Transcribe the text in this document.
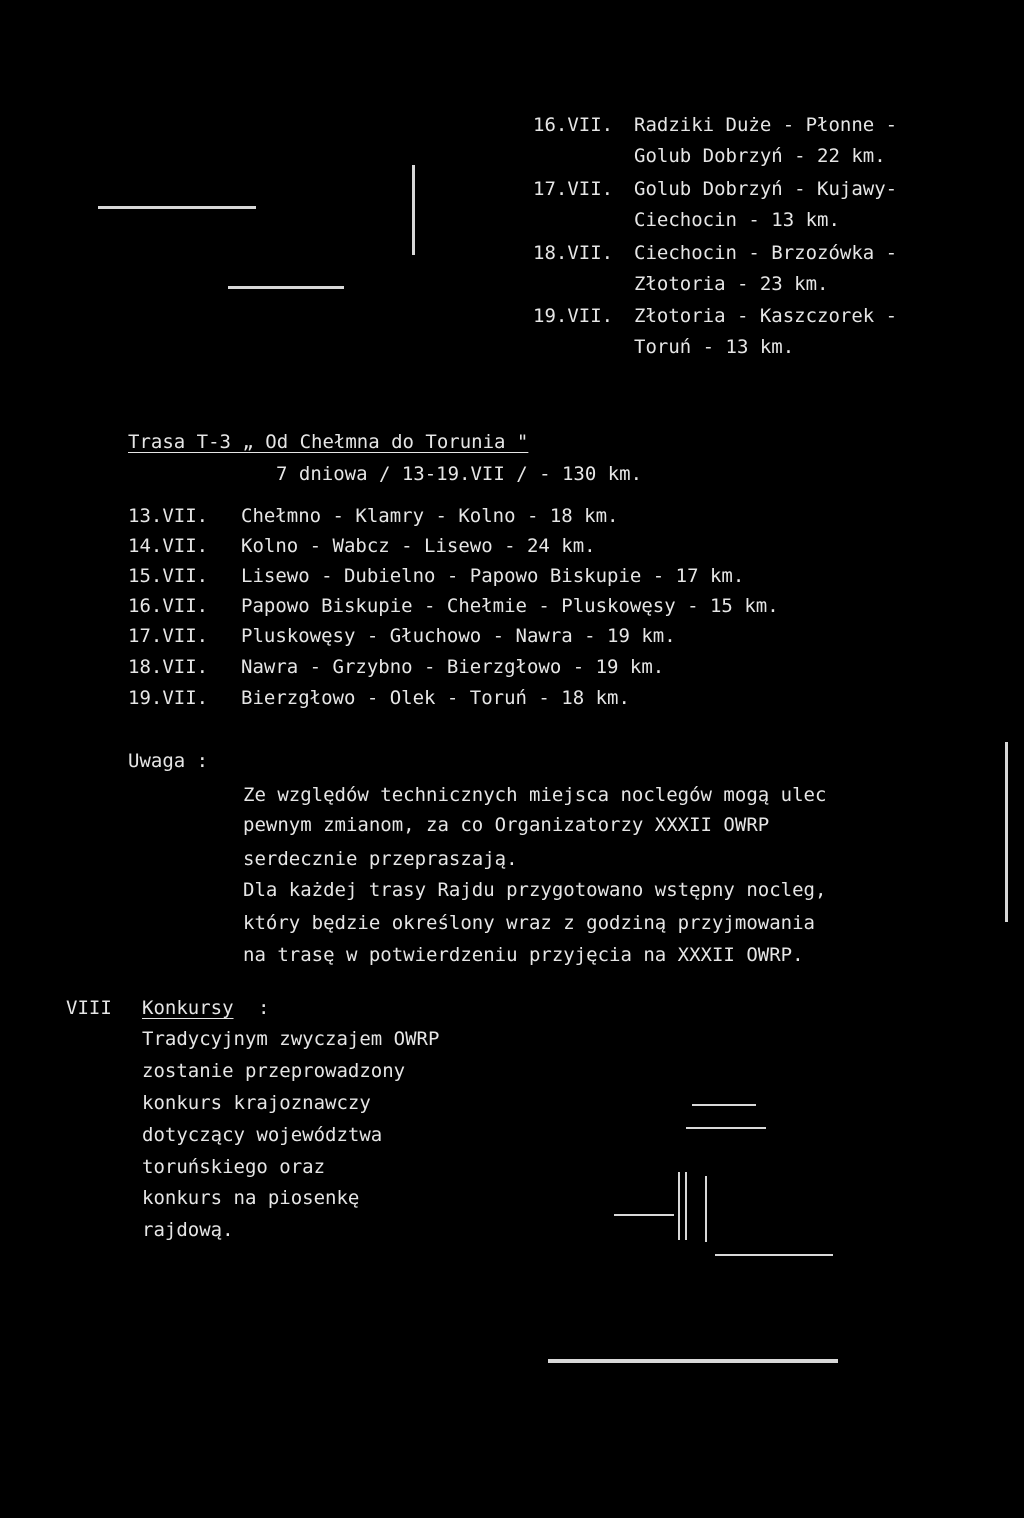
16.VII. Radziki Duże - Płonne -
Golub Dobrzyń - 22 km.
17.VII. Golub Dobrzyń - Kujawy-
Ciechocin - 13 km.
18.VII. Ciechocin - Brzozówka -
Złotoria - 23 km.
19.VII. Złotoria - Kaszczorek -
Toruń - 13 km.
Trasa T-3 „ Od Chełmna do Torunia "
7 dniowa / 13-19.VII / - 130 km.
13.VII. Chełmno - Klamry - Kolno - 18 km.
14.VII. Kolno - Wabcz - Lisewo - 24 km.
15.VII. Lisewo - Dubielno - Papowo Biskupie - 17 km.
16.VII. Papowo Biskupie - Chełmie - Pluskowęsy - 15 km.
17.VII. Pluskowęsy - Głuchowo - Nawra - 19 km.
18.VII. Nawra - Grzybno - Bierzgłowo - 19 km.
19.VII. Bierzgłowo - Olek - Toruń - 18 km.
Uwaga :
Ze względów technicznych miejsca noclegów mogą ulec
pewnym zmianom, za co Organizatorzy XXXII OWRP
serdecznie przepraszają.
Dla każdej trasy Rajdu przygotowano wstępny nocleg,
który będzie określony wraz z godziną przyjmowania
na trasę w potwierdzeniu przyjęcia na XXXII OWRP.
VIII Konkursy :
Tradycyjnym zwyczajem OWRP
zostanie przeprowadzony
konkurs krajoznawczy
dotyczący województwa
toruńskiego oraz
konkurs na piosenkę
rajdową.
